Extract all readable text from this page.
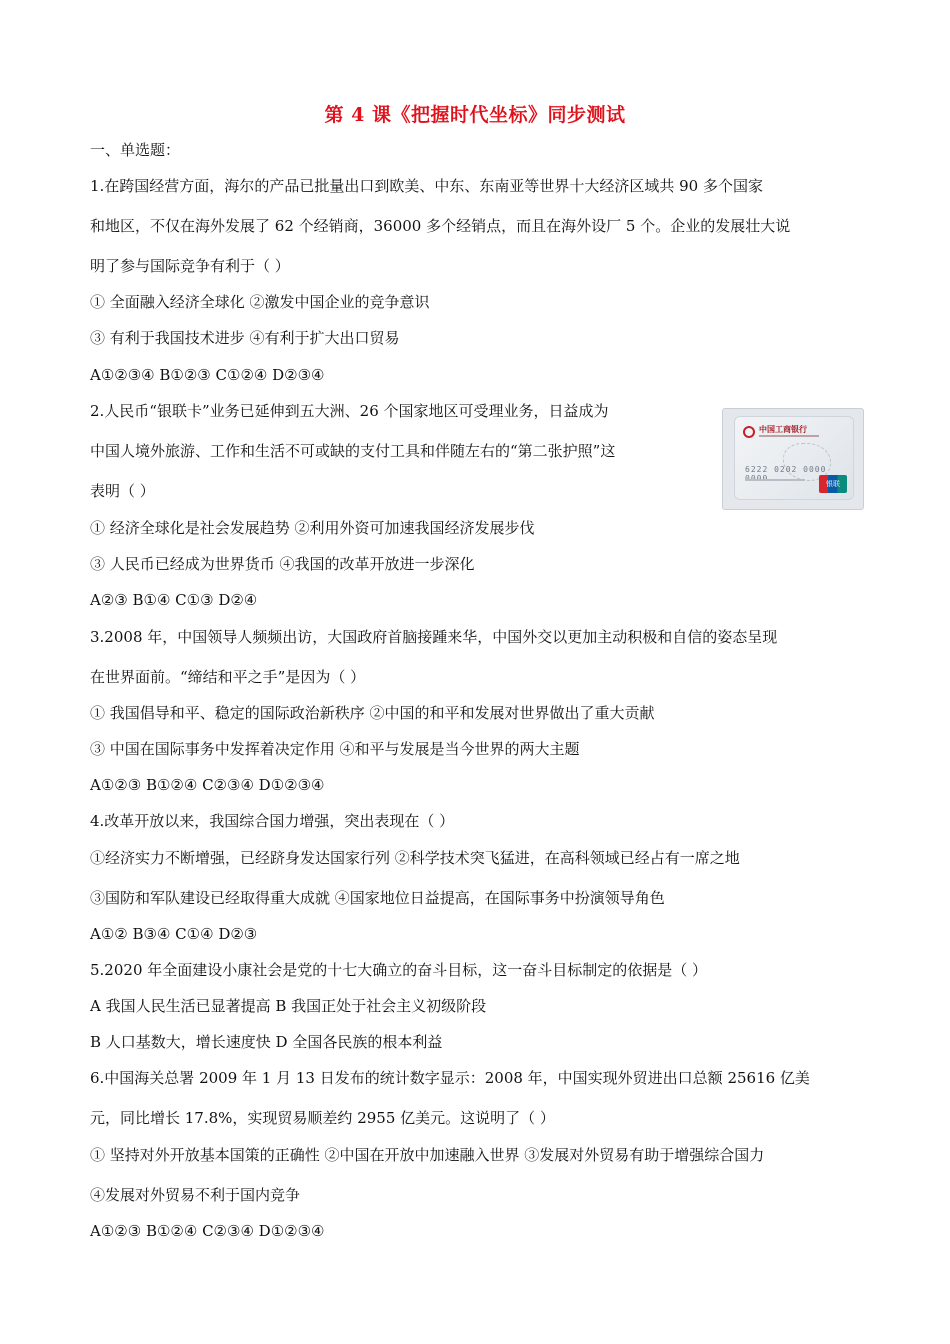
第 4 课《把握时代坐标》同步测试
一、单选题：
1.在跨国经营方面，海尔的产品已批量出口到欧美、中东、东南亚等世界十大经济区域共 90 多个国家
和地区，不仅在海外发展了 62 个经销商，36000 多个经销点，而且在海外设厂 5 个。企业的发展壮大说
明了参与国际竞争有利于（ ）
① 全面融入经济全球化 ②激发中国企业的竞争意识
③ 有利于我国技术进步 ④有利于扩大出口贸易
A①②③④ B①②③ C①②④ D②③④
2.人民币“银联卡”业务已延伸到五大洲、26 个国家地区可受理业务，日益成为
中国人境外旅游、工作和生活不可或缺的支付工具和伴随左右的“第二张护照”这
表明（ ）
① 经济全球化是社会发展趋势 ②利用外资可加速我国经济发展步伐
③ 人民币已经成为世界货币 ④我国的改革开放进一步深化
A②③ B①④ C①③ D②④
中国工商银行
6222 0202 0000
银联
3.2008 年，中国领导人频频出访，大国政府首脑接踵来华，中国外交以更加主动积极和自信的姿态呈现
在世界面前。“缔结和平之手”是因为（ ）
① 我国倡导和平、稳定的国际政治新秩序 ②中国的和平和发展对世界做出了重大贡献
③ 中国在国际事务中发挥着决定作用 ④和平与发展是当今世界的两大主题
A①②③ B①②④ C②③④ D①②③④
4.改革开放以来，我国综合国力增强，突出表现在（ ）
①经济实力不断增强，已经跻身发达国家行列 ②科学技术突飞猛进，在高科领域已经占有一席之地
③国防和军队建设已经取得重大成就 ④国家地位日益提高，在国际事务中扮演领导角色
A①② B③④ C①④ D②③
5.2020 年全面建设小康社会是党的十七大确立的奋斗目标，这一奋斗目标制定的依据是（ ）
A 我国人民生活已显著提高 B 我国正处于社会主义初级阶段
B 人口基数大，增长速度快 D 全国各民族的根本利益
6.中国海关总署 2009 年 1 月 13 日发布的统计数字显示：2008 年，中国实现外贸进出口总额 25616 亿美
元，同比增长 17.8%，实现贸易顺差约 2955 亿美元。这说明了（ ）
① 坚持对外开放基本国策的正确性 ②中国在开放中加速融入世界 ③发展对外贸易有助于增强综合国力
④发展对外贸易不利于国内竞争
A①②③ B①②④ C②③④ D①②③④
